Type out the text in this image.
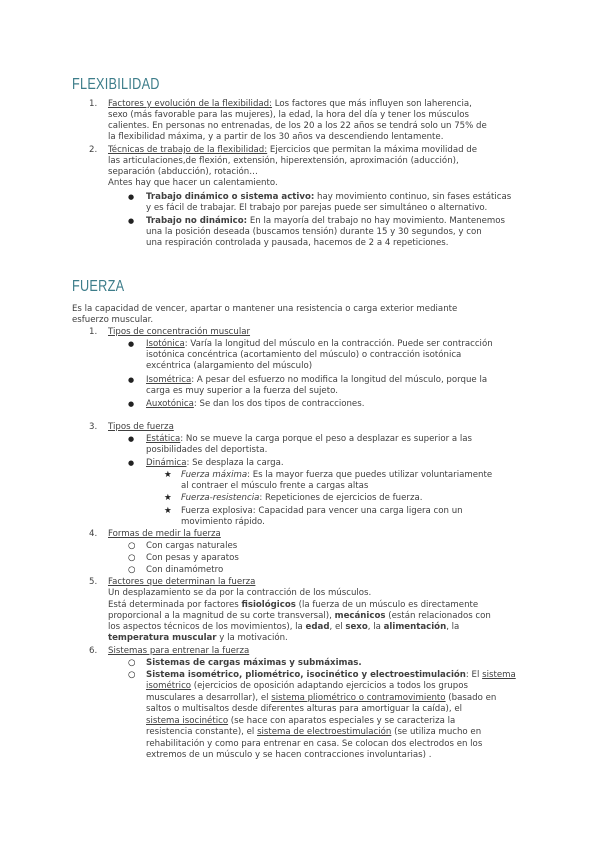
FLEXIBILIDAD
1. Factores y evolución de la flexibilidad: Los factores que más influyen son laherencia,
sexo (más favorable para las mujeres), la edad, la hora del día y tener los músculos
calientes. En personas no entrenadas, de los 20 a los 22 años se tendrá solo un 75% de
la flexibilidad máxima, y a partir de los 30 años va descendiendo lentamente.
2. Técnicas de trabajo de la flexibilidad: Ejercicios que permitan la máxima movilidad de
las articulaciones,de flexión, extensión, hiperextensión, aproximación (aducción),
separación (abducción), rotación…
Antes hay que hacer un calentamiento.
● Trabajo dinámico o sistema activo: hay movimiento continuo, sin fases estáticas
y es fácil de trabajar. El trabajo por parejas puede ser simultáneo o alternativo.
● Trabajo no dinámico: En la mayoría del trabajo no hay movimiento. Mantenemos
una la posición deseada (buscamos tensión) durante 15 y 30 segundos, y con
una respiración controlada y pausada, hacemos de 2 a 4 repeticiones.
FUERZA
Es la capacidad de vencer, apartar o mantener una resistencia o carga exterior mediante
esfuerzo muscular.
1. Tipos de concentración muscular
● Isotónica: Varía la longitud del músculo en la contracción. Puede ser contracción
isotónica concéntrica (acortamiento del músculo) o contracción isotónica
excéntrica (alargamiento del músculo)
● Isométrica: A pesar del esfuerzo no modifica la longitud del músculo, porque la
carga es muy superior a la fuerza del sujeto.
● Auxotónica: Se dan los dos tipos de contracciones.
3. Tipos de fuerza
● Estática: No se mueve la carga porque el peso a desplazar es superior a las
posibilidades del deportista.
● Dinámica: Se desplaza la carga.
★ Fuerza máxima: Es la mayor fuerza que puedes utilizar voluntariamente
al contraer el músculo frente a cargas altas
★ Fuerza-resistencia: Repeticiones de ejercicios de fuerza.
★ Fuerza explosiva: Capacidad para vencer una carga ligera con un
movimiento rápido.
4. Formas de medir la fuerza
○ Con cargas naturales
○ Con pesas y aparatos
○ Con dinamómetro
5. Factores que determinan la fuerza
Un desplazamiento se da por la contracción de los músculos.
Está determinada por factores fisiológicos (la fuerza de un músculo es directamente
proporcional a la magnitud de su corte transversal), mecánicos (están relacionados con
los aspectos técnicos de los movimientos), la edad, el sexo, la alimentación, la
temperatura muscular y la motivación.
6. Sistemas para entrenar la fuerza
○ Sistemas de cargas máximas y submáximas.
○ Sistema isométrico, pliométrico, isocinético y electroestimulación: El sistema
isométrico (ejercicios de oposición adaptando ejercicios a todos los grupos
musculares a desarrollar), el sistema pliométrico o contramovimiento (basado en
saltos o multisaltos desde diferentes alturas para amortiguar la caída), el
sistema isocinético (se hace con aparatos especiales y se caracteriza la
resistencia constante), el sistema de electroestimulación (se utiliza mucho en
rehabilitación y como para entrenar en casa. Se colocan dos electrodos en los
extremos de un músculo y se hacen contracciones involuntarias) .
